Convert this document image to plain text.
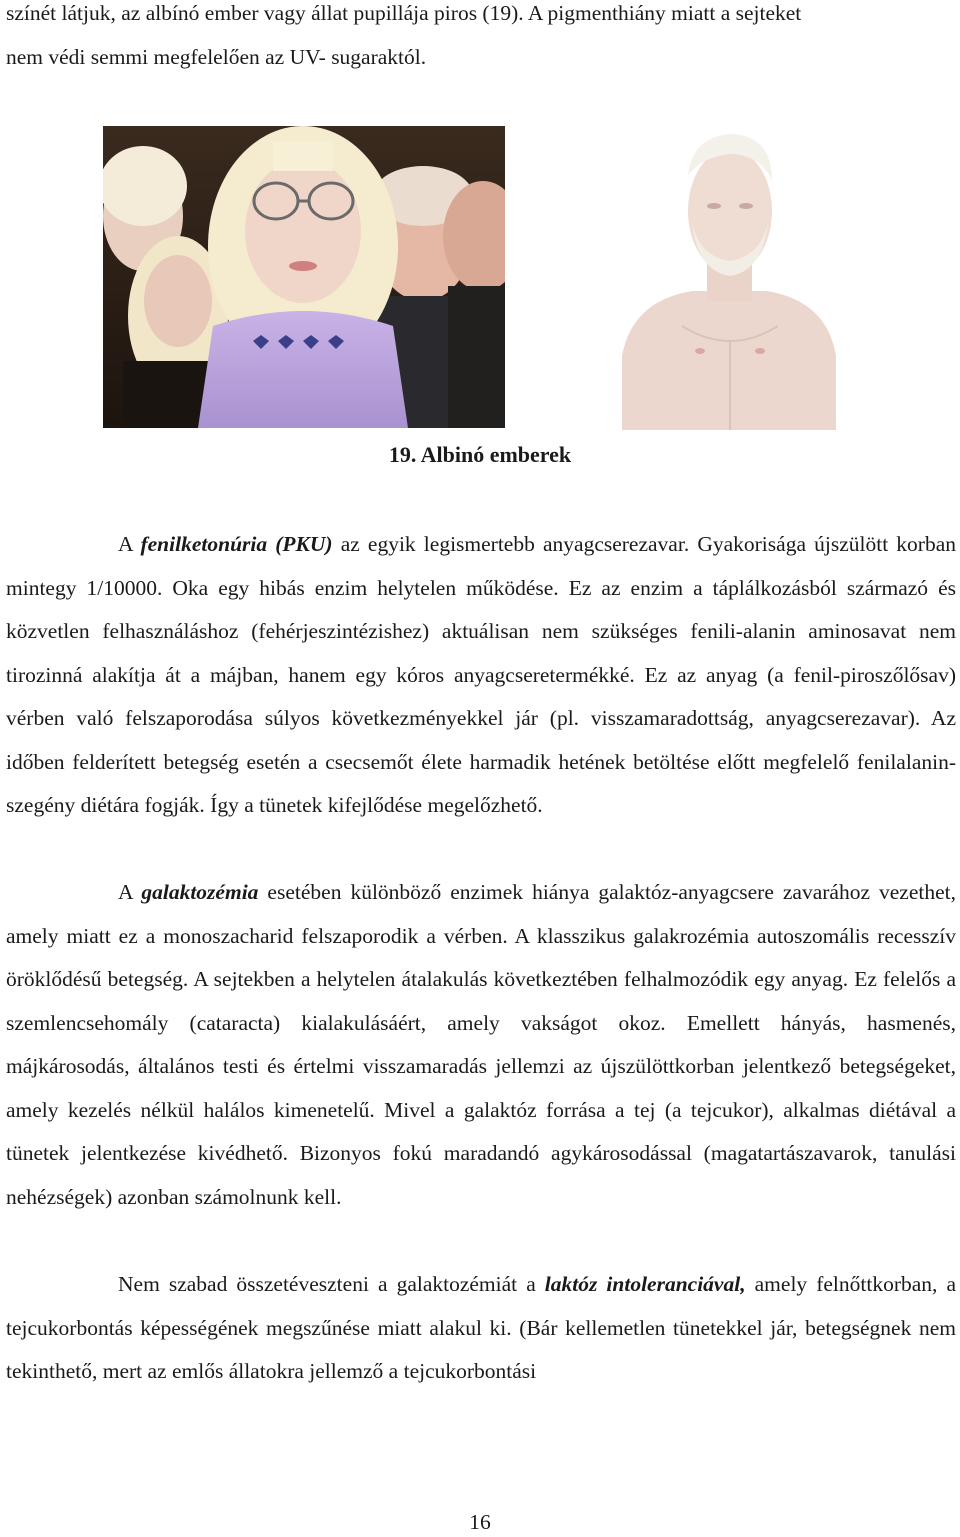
színét látjuk, az albínó ember vagy állat pupillája piros (19). A pigmenthiány miatt a sejteket
nem védi semmi megfelelően az UV- sugaraktól.

19. Albinó emberek

A fenilketonúria (PKU) az egyik legismertebb anyagcserezavar. Gyakorisága újszülött korban mintegy 1/10000. Oka egy hibás enzim helytelen működése. Ez az enzim a táplálkozásból származó és közvetlen felhasználáshoz (fehérjeszintézishez) aktuálisan nem szükséges fenili-alanin aminosavat nem tirozinná alakítja át a májban, hanem egy kóros anyagcseretermékké. Ez az anyag (a fenil-piroszőlősav) vérben való felszaporodása súlyos következményekkel jár (pl. visszamaradottság, anyagcserezavar). Az időben felderített betegség esetén a csecsemőt élete harmadik hetének betöltése előtt megfelelő fenilalanin-szegény diétára fogják. Így a tünetek kifejlődése megelőzhető.

A galaktozémia esetében különböző enzimek hiánya galaktóz-anyagcsere zavarához vezethet, amely miatt ez a monoszacharid felszaporodik a vérben. A klasszikus galakrozémia autoszomális recesszív öröklődésű betegség. A sejtekben a helytelen átalakulás következtében felhalmozódik egy anyag. Ez felelős a szemlencsehomály (cataracta) kialakulásáért, amely vakságot okoz. Emellett hányás, hasmenés, májkárosodás, általános testi és értelmi visszamaradás jellemzi az újszülöttkorban jelentkező betegségeket, amely kezelés nélkül halálos kimenetelű. Mivel a galaktóz forrása a tej (a tejcukor), alkalmas diétával a tünetek jelentkezése kivédhető. Bizonyos fokú maradandó agykárosodással (magatartászavarok, tanulási nehézségek) azonban számolnunk kell.

Nem szabad összetéveszteni a galaktozémiát a laktóz intoleranciával, amely felnőttkorban, a tejcukorbontás képességének megszűnése miatt alakul ki. (Bár kellemetlen tünetekkel jár, betegségnek nem tekinthető, mert az emlős állatokra jellemző a tejcukorbontási

16
